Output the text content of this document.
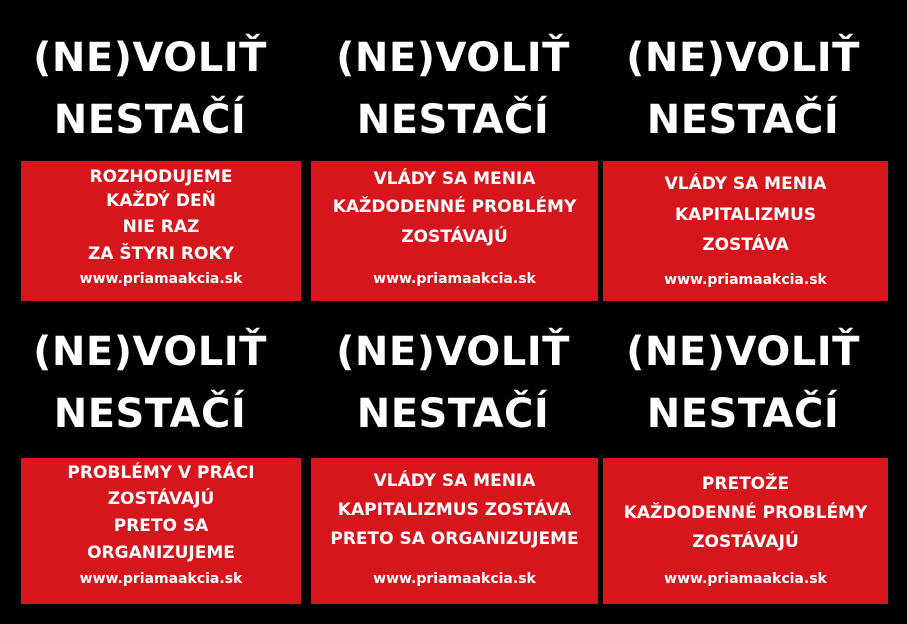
(NE)VOLIŤ
NESTAČÍ
ROZHODUJEME
KAŽDÝ DEŇ
NIE RAZ
ZA ŠTYRI ROKY
www.priamaakcia.sk
(NE)VOLIŤ
NESTAČÍ
VLÁDY SA MENIA
KAŽDODENNÉ PROBLÉMY
ZOSTÁVAJÚ
www.priamaakcia.sk
(NE)VOLIŤ
NESTAČÍ
VLÁDY SA MENIA
KAPITALIZMUS
ZOSTÁVA
www.priamaakcia.sk
(NE)VOLIŤ
NESTAČÍ
PROBLÉMY V PRÁCI
ZOSTÁVAJÚ
PRETO SA
ORGANIZUJEME
www.priamaakcia.sk
(NE)VOLIŤ
NESTAČÍ
VLÁDY SA MENIA
KAPITALIZMUS ZOSTÁVA
PRETO SA ORGANIZUJEME
www.priamaakcia.sk
(NE)VOLIŤ
NESTAČÍ
PRETOŽE
KAŽDODENNÉ PROBLÉMY
ZOSTÁVAJÚ
www.priamaakcia.sk
